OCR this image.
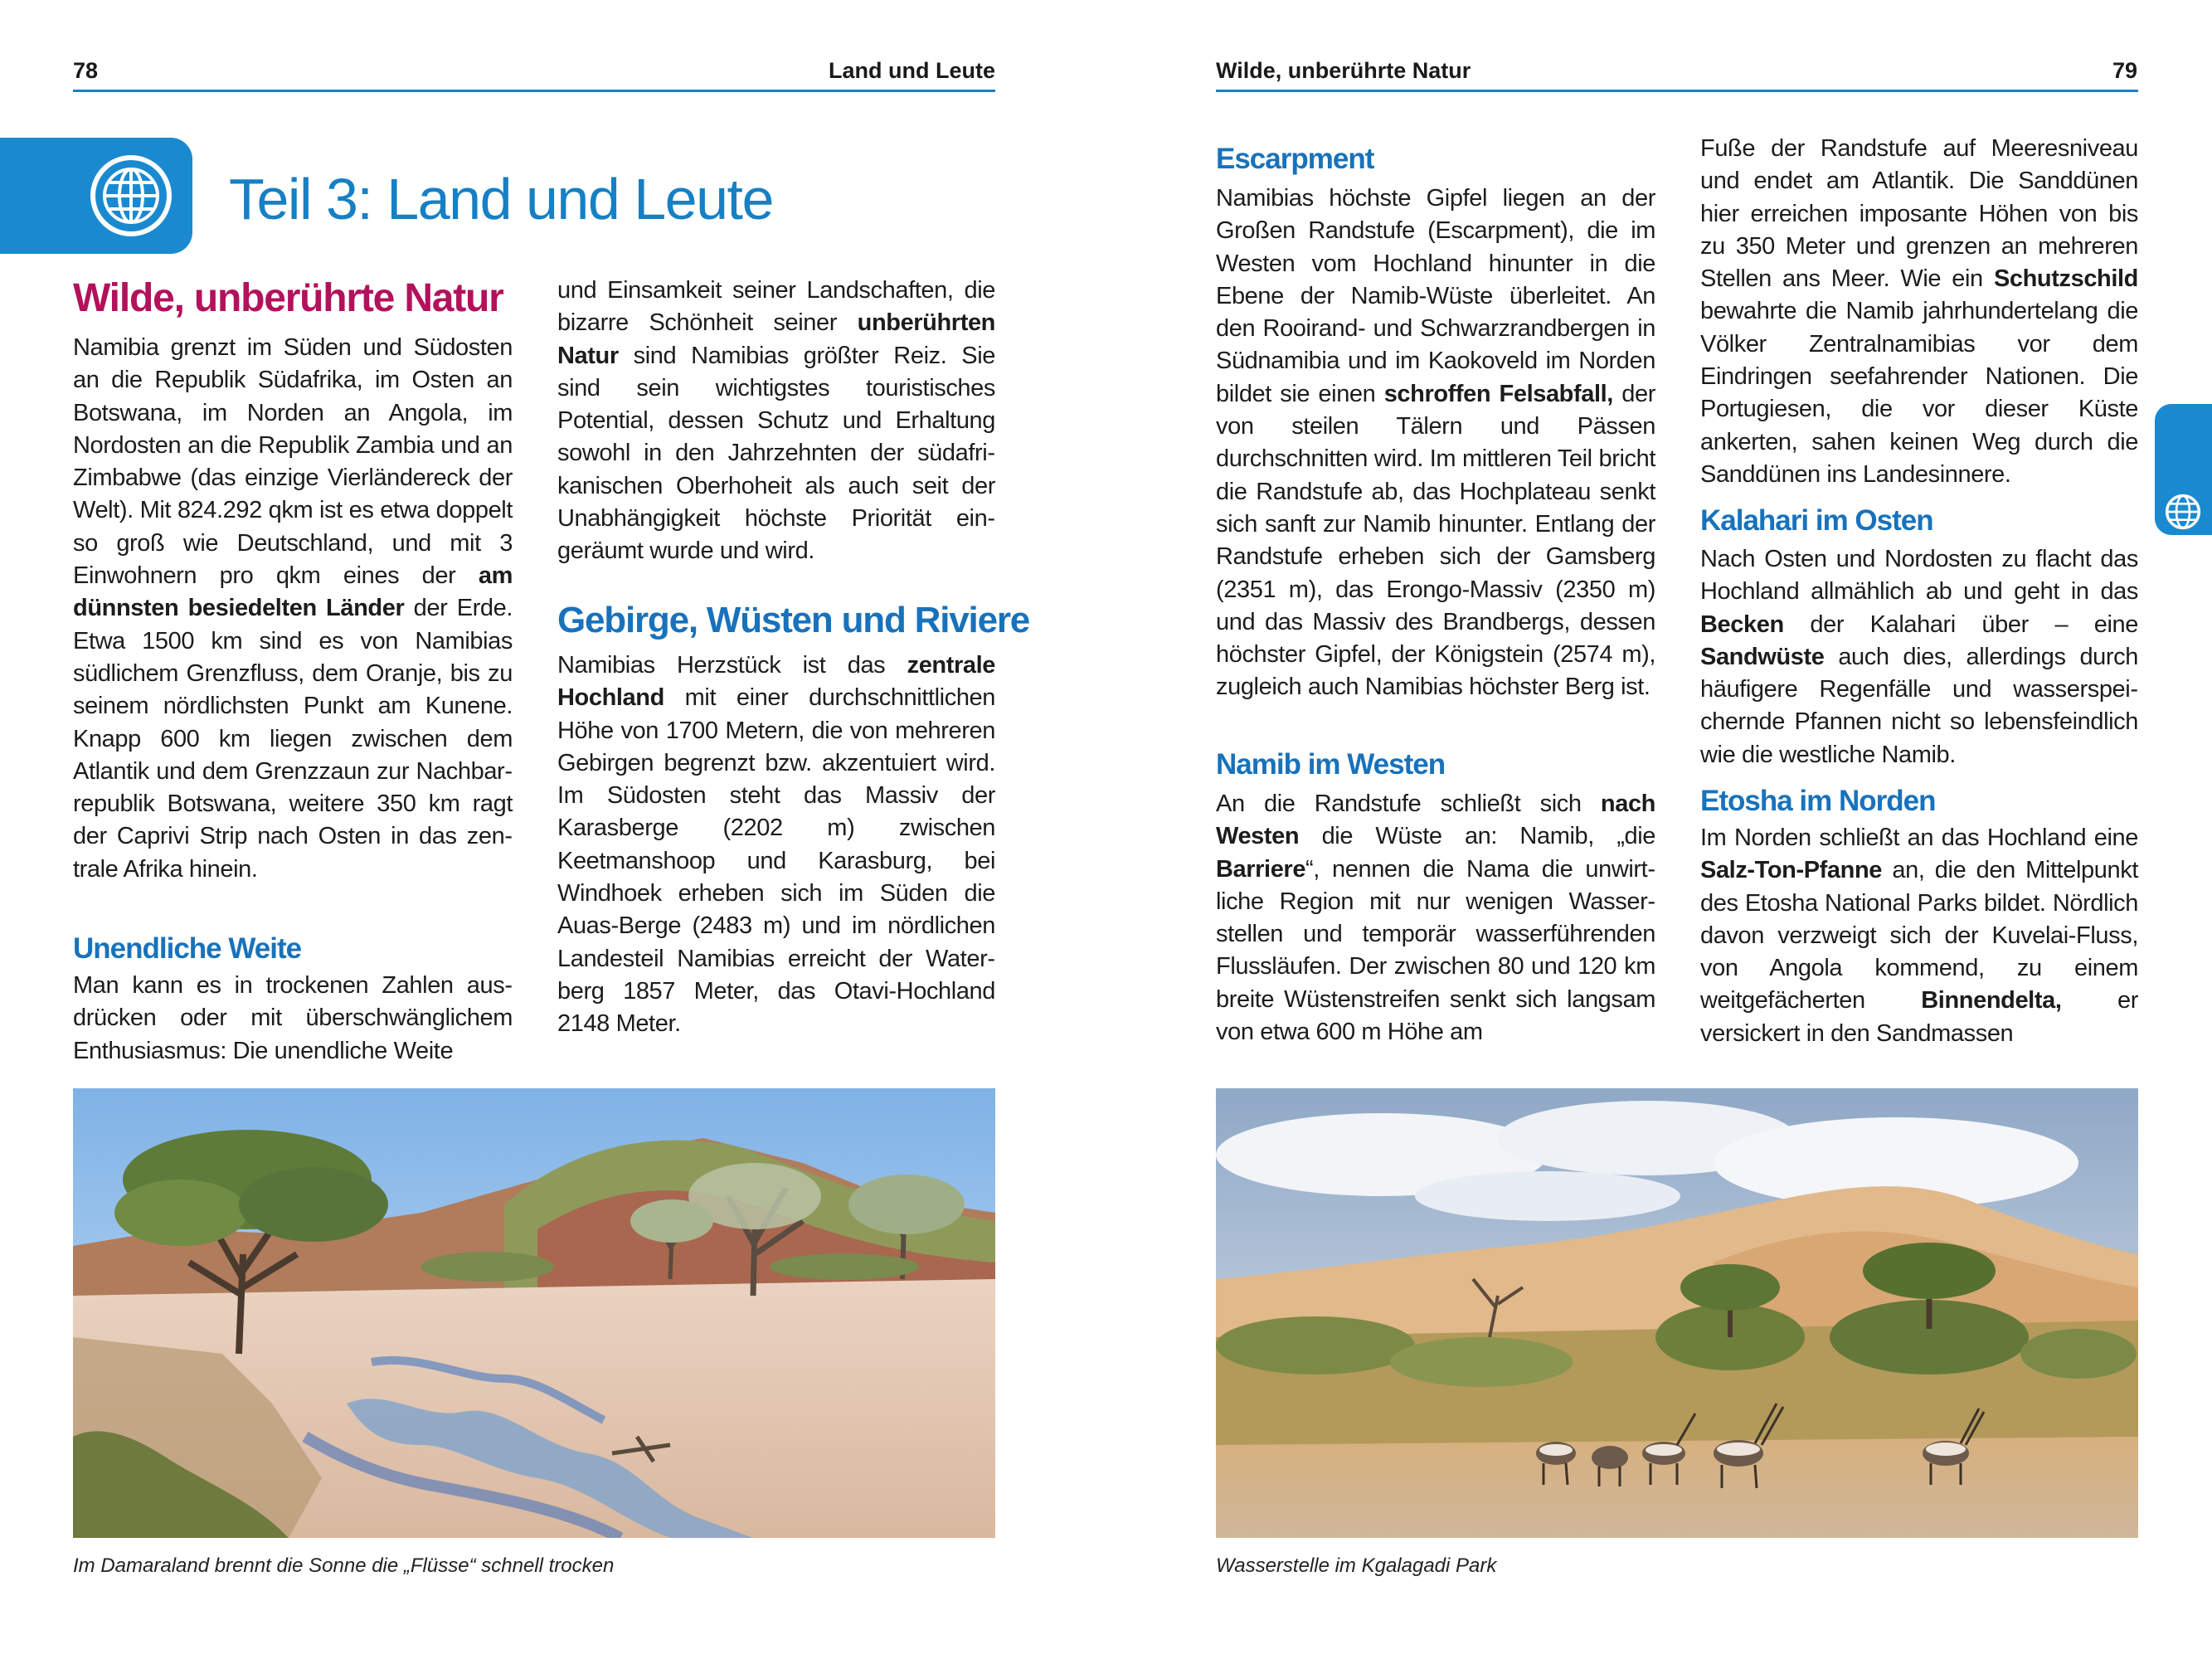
78	Land und Leute	Wilde, unberührte Natur	79
Teil 3: Land und Leute
Wilde, unberührte Natur

Namibia grenzt im Süden und Südosten an die Republik Südafrika, im Osten an Botswana, im Norden an Angola, im Nordosten an die Republik Zambia und an Zimbabwe (das einzige Vierländereck der Welt). Mit 824.292 qkm ist es etwa doppelt so groß wie Deutschland, und mit 3 Einwohnern pro qkm eines der am dünnsten besiedelten Länder der Erde. Etwa 1500 km sind es von Namibias südlichem Grenzfluss, dem Oranje, bis zu seinem nördlichsten Punkt am Kunene. Knapp 600 km liegen zwischen dem Atlantik und dem Grenzzaun zur Nachbarrepublik Botswana, weitere 350 km ragt der Caprivi Strip nach Osten in das zentrale Afrika hinein.

Unendliche Weite

Man kann es in trockenen Zahlen ausdrücken oder mit überschwänglichem Enthusiasmus: Die unendliche Weite

und Einsamkeit seiner Landschaften, die bizarre Schönheit seiner unberührten Natur sind Namibias größter Reiz. Sie sind sein wichtigstes touristisches Potential, dessen Schutz und Erhaltung sowohl in den Jahrzehnten der südafrikanischen Oberhoheit als auch seit der Unabhängigkeit höchste Priorität eingeräumt wurde und wird.

Gebirge, Wüsten und Riviere

Namibias Herzstück ist das zentrale Hochland mit einer durchschnittlichen Höhe von 1700 Metern, die von mehreren Gebirgen begrenzt bzw. akzentuiert wird. Im Südosten steht das Massiv der Karasberge (2202 m) zwischen Keetmanshoop und Karasburg, bei Windhoek erheben sich im Süden die Auas-Berge (2483 m) und im nördlichen Landesteil Namibias erreicht der Waterberg 1857 Meter, das Otavi-Hochland 2148 Meter.

Escarpment

Namibias höchste Gipfel liegen an der Großen Randstufe (Escarpment), die im Westen vom Hochland hinunter in die Ebene der Namib-Wüste überleitet. An den Rooirand- und Schwarzrandbergen in Südnamibia und im Kaokoveld im Norden bildet sie einen schroffen Felsabfall, der von steilen Tälern und Pässen durchschnitten wird. Im mittleren Teil bricht die Randstufe ab, das Hochplateau senkt sich sanft zur Namib hinunter. Entlang der Randstufe erheben sich der Gamsberg (2351 m), das Erongo-Massiv (2350 m) und das Massiv des Brandbergs, dessen höchster Gipfel, der Königstein (2574 m), zugleich auch Namibias höchster Berg ist.

Namib im Westen

An die Randstufe schließt sich nach Westen die Wüste an: Namib, „die Barriere“, nennen die Nama die unwirtliche Region mit nur wenigen Wasserstellen und temporär wasserführenden Flussläufen. Der zwischen 80 und 120 km breite Wüstenstreifen senkt sich langsam von etwa 600 m Höhe am

Fuße der Randstufe auf Meeresniveau und endet am Atlantik. Die Sanddünen hier erreichen imposante Höhen von bis zu 350 Meter und grenzen an mehreren Stellen ans Meer. Wie ein Schutzschild bewahrte die Namib jahrhundertelang die Völker Zentralnamibias vor dem Eindringen seefahrender Nationen. Die Portugiesen, die vor dieser Küste ankerten, sahen keinen Weg durch die Sanddünen ins Landesinnere.

Kalahari im Osten

Nach Osten und Nordosten zu flacht das Hochland allmählich ab und geht in das Becken der Kalahari über – eine Sandwüste auch dies, allerdings durch häufigere Regenfälle und wasserspeichernde Pfannen nicht so lebensfeindlich wie die westliche Namib.

Etosha im Norden

Im Norden schließt an das Hochland eine Salz-Ton-Pfanne an, die den Mittelpunkt des Etosha National Parks bildet. Nördlich davon verzweigt sich der Kuvelai-Fluss, von Angola kommend, zu einem weitgefächerten Binnendelta, er versickert in den Sandmassen

Im Damaraland brennt die Sonne die „Flüsse“ schnell trocken	Wasserstelle im Kgalagadi Park
